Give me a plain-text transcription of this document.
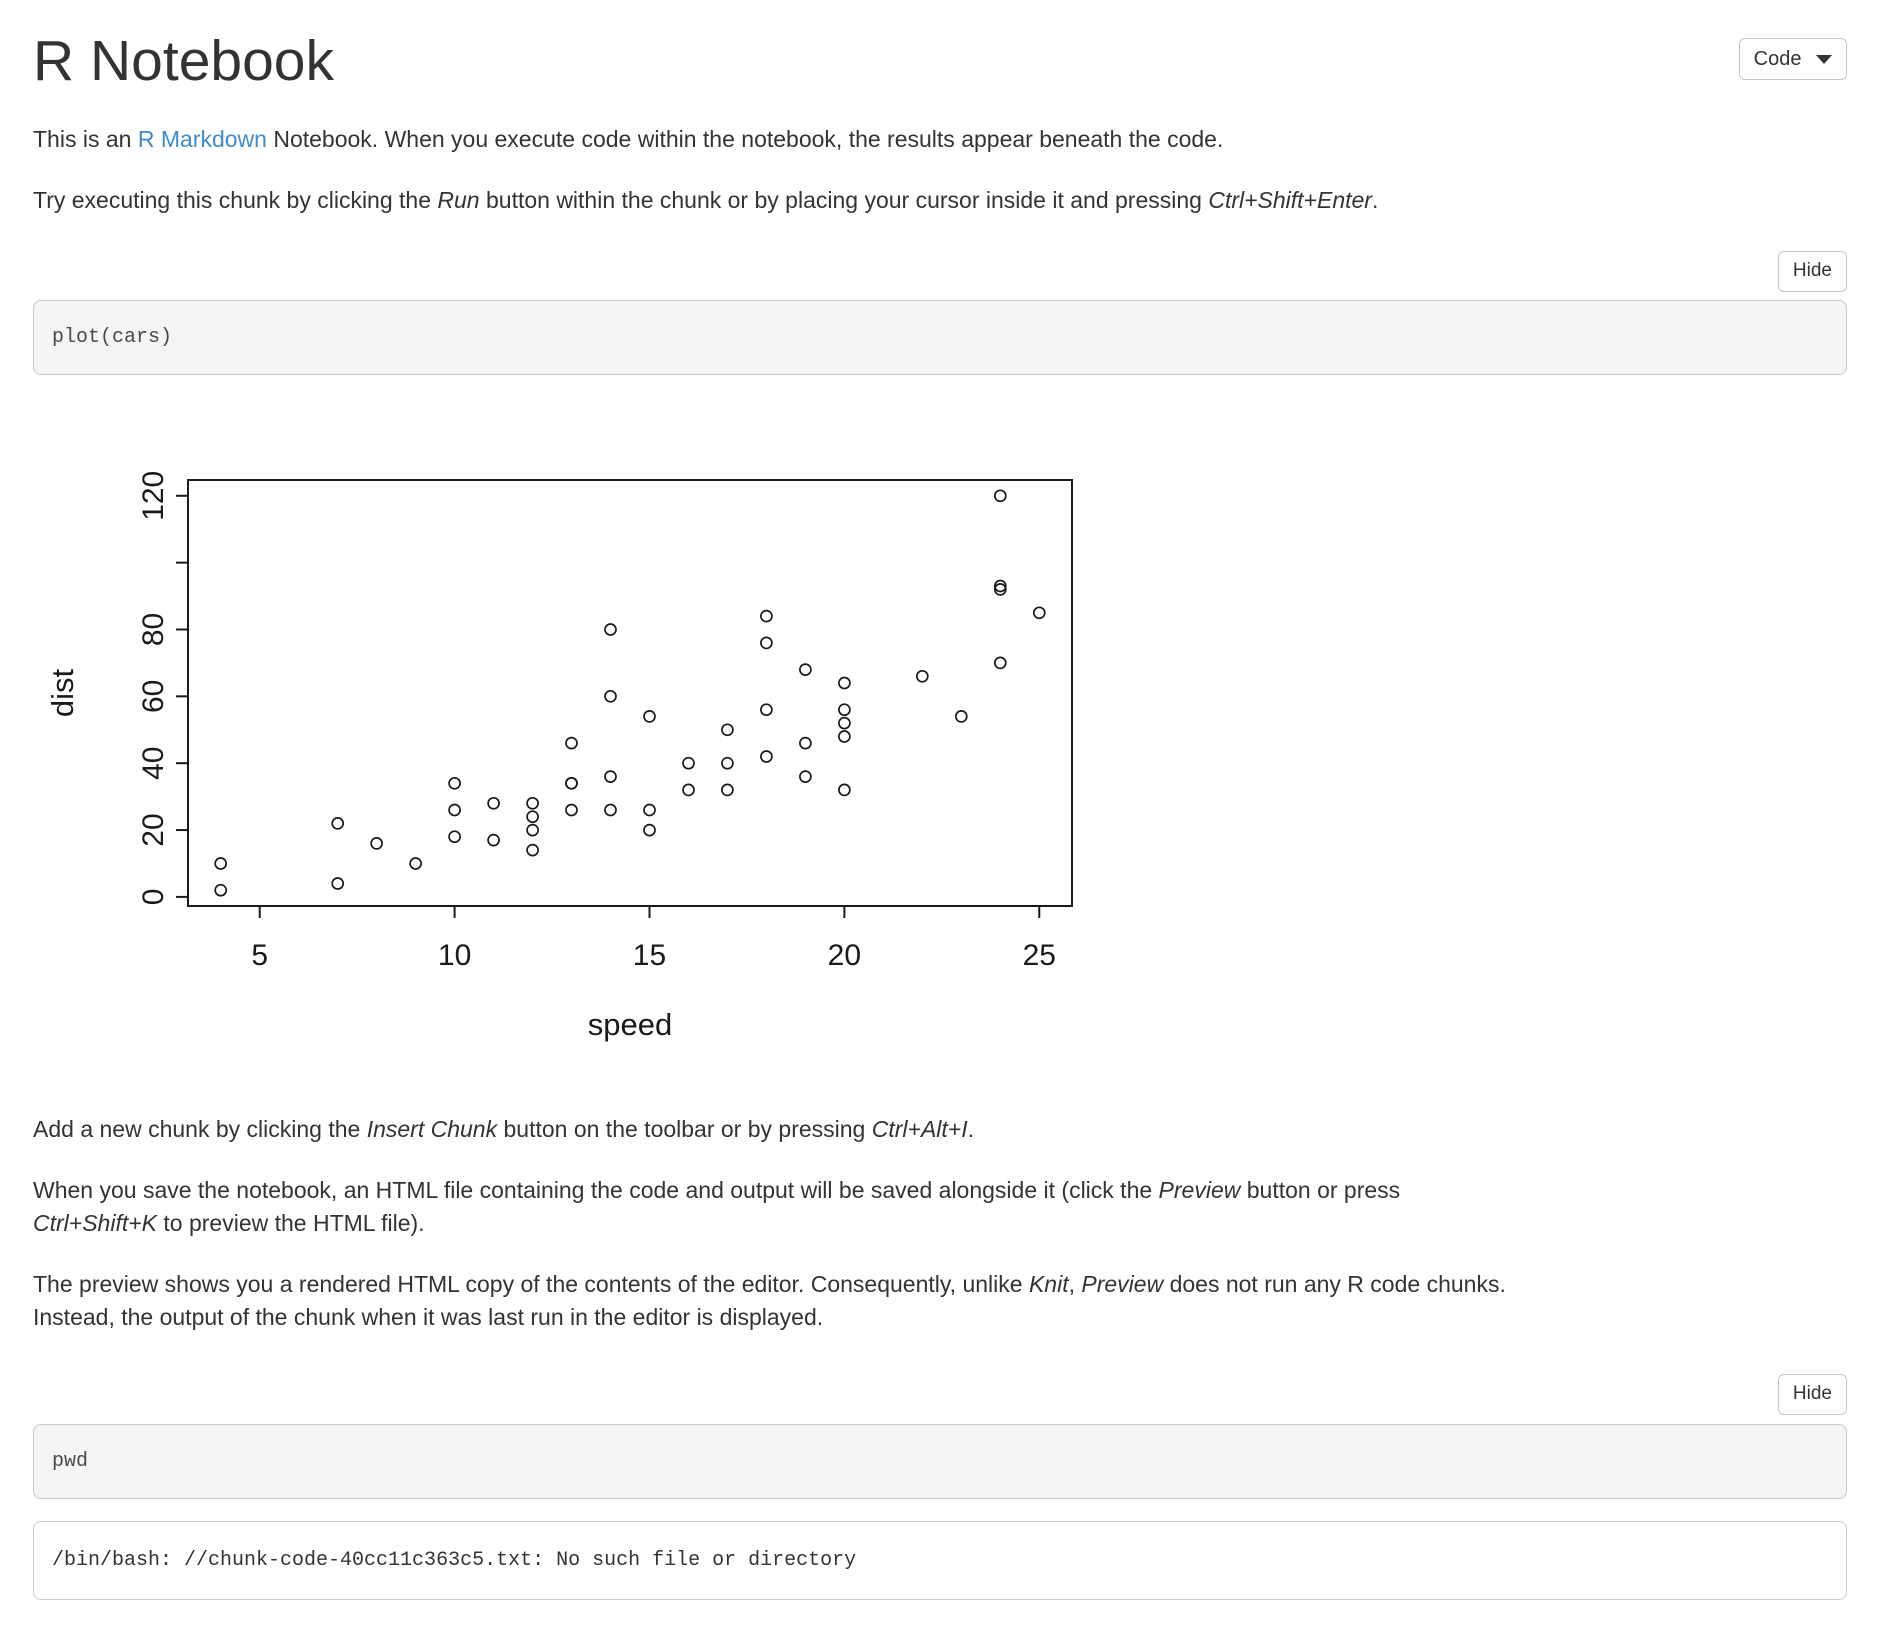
Code
R Notebook

This is an R Markdown Notebook. When you execute code within the notebook, the results appear beneath the code.

Try executing this chunk by clicking the Run button within the chunk or by placing your cursor inside it and pressing Ctrl+Shift+Enter.

Hide
plot(cars)
5	10	15	20	25
0
20
40
60
80
120
speed
dist

Add a new chunk by clicking the Insert Chunk button on the toolbar or by pressing Ctrl+Alt+I.

When you save the notebook, an HTML file containing the code and output will be saved alongside it (click the Preview button or press
Ctrl+Shift+K to preview the HTML file).

The preview shows you a rendered HTML copy of the contents of the editor. Consequently, unlike Knit, Preview does not run any R code chunks.
Instead, the output of the chunk when it was last run in the editor is displayed.

Hide
pwd
/bin/bash: //chunk-code-40cc11c363c5.txt: No such file or directory
